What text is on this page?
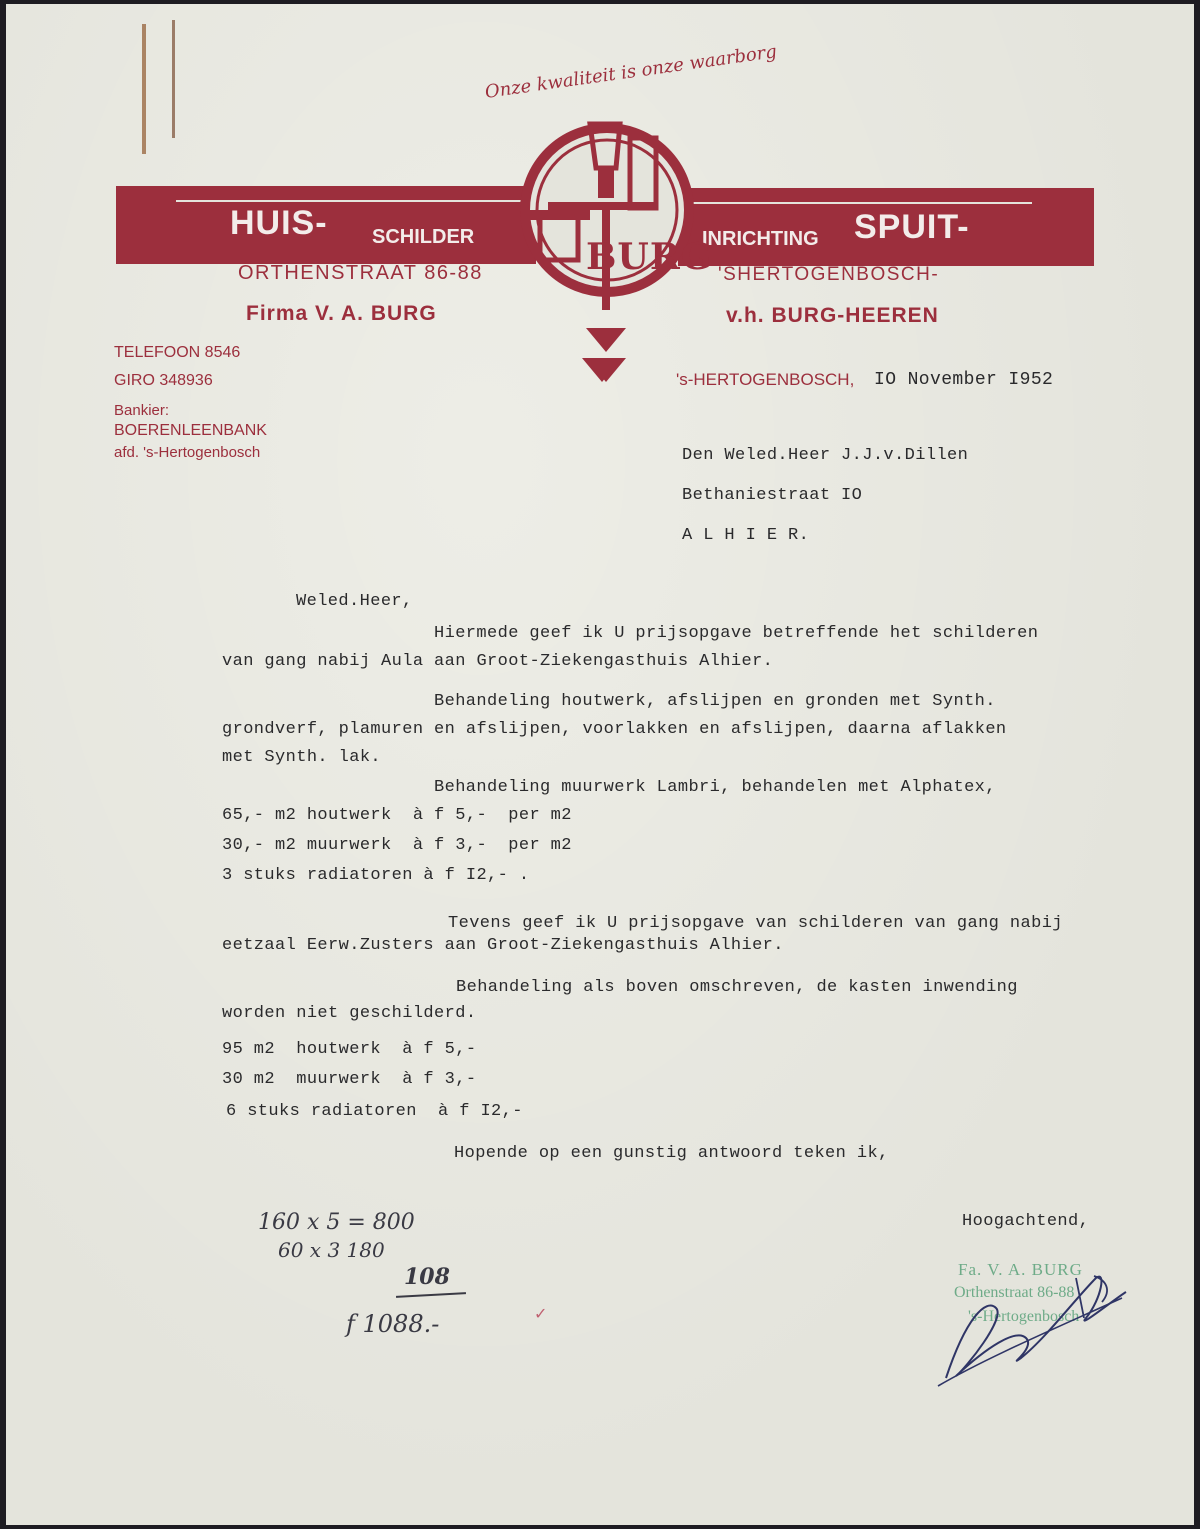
HUIS- SCHILDER	INRICHTING SPUIT-
Onze kwaliteit is onze waarborg
BURG
ORTHENSTRAAT 86-88	'SHERTOGENBOSCH-
Firma V. A. BURG	v.h. BURG-HEEREN
TELEFOON 8546
GIRO 348936
Bankier:
BOERENLEENBANK
afd. 's-Hertogenbosch
's-HERTOGENBOSCH, IO November I952
Den Weled.Heer J.J.v.Dillen
Bethaniestraat IO
A L H I E R.
Weled.Heer,
Hiermede geef ik U prijsopgave betreffende het schilderen
van gang nabij Aula aan Groot-Ziekengasthuis Alhier.
Behandeling houtwerk, afslijpen en gronden met Synth.
grondverf, plamuren en afslijpen, voorlakken en afslijpen, daarna aflakken
met Synth. lak.
Behandeling muurwerk Lambri, behandelen met Alphatex,
65,- m2 houtwerk  à f 5,-  per m2
30,- m2 muurwerk  à f 3,-  per m2
3 stuks radiatoren à f I2,- .
Tevens geef ik U prijsopgave van schilderen van gang nabij
eetzaal Eerw.Zusters aan Groot-Ziekengasthuis Alhier.
Behandeling als boven omschreven, de kasten inwending
worden niet geschilderd.
95 m2  houtwerk  à f 5,-
30 m2  muurwerk  à f 3,-
6 stuks radiatoren  à f I2,-
Hopende op een gunstig antwoord teken ik,
Hoogachtend,
Fa. V. A. BURG
Orthenstraat 86-88
's-Hertogenbosch
160 x 5 = 800
60 x 3 180
108
f 1088.-	✓
